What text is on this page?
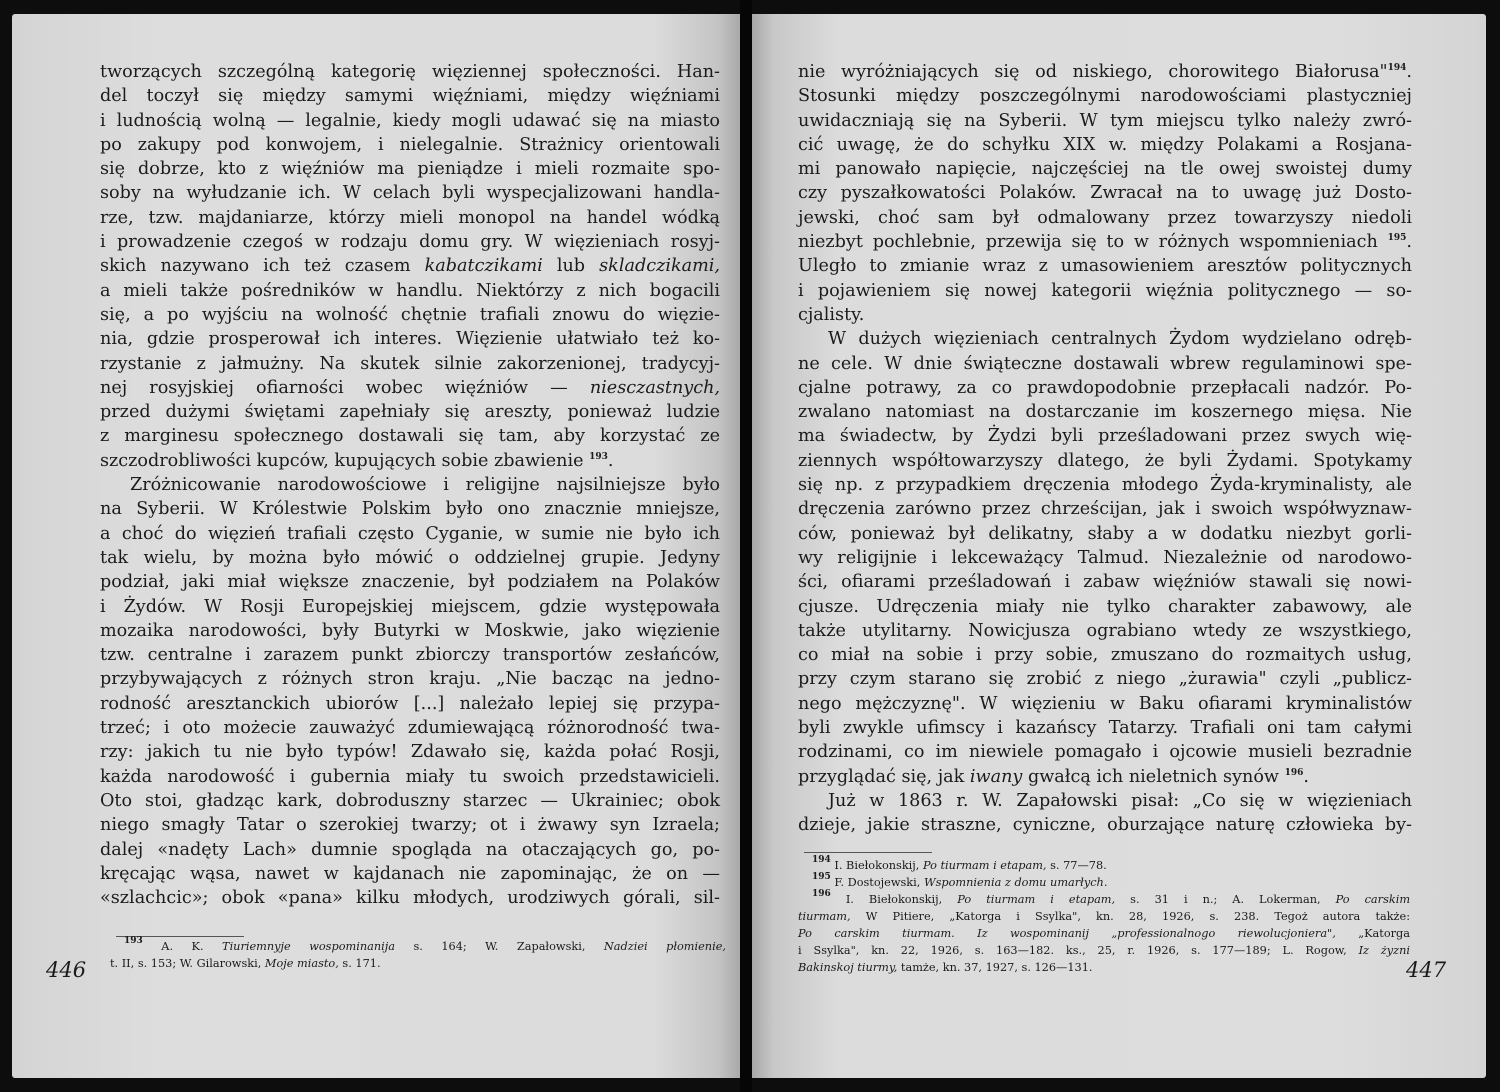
tworzących szczególną kategorię więziennej społeczności. Han-
del toczył się między samymi więźniami, między więźniami
i ludnością wolną — legalnie, kiedy mogli udawać się na miasto
po zakupy pod konwojem, i nielegalnie. Strażnicy orientowali
się dobrze, kto z więźniów ma pieniądze i mieli rozmaite spo-
soby na wyłudzanie ich. W celach byli wyspecjalizowani handla-
rze, tzw. majdaniarze, którzy mieli monopol na handel wódką
i prowadzenie czegoś w rodzaju domu gry. W więzieniach rosyj-
skich nazywano ich też czasem kabatczikami lub skladczikami,
a mieli także pośredników w handlu. Niektórzy z nich bogacili
się, a po wyjściu na wolność chętnie trafiali znowu do więzie-
nia, gdzie prosperował ich interes. Więzienie ułatwiało też ko-
rzystanie z jałmużny. Na skutek silnie zakorzenionej, tradycyj-
nej rosyjskiej ofiarności wobec więźniów — niesczastnych,
przed dużymi świętami zapełniały się areszty, ponieważ ludzie
z marginesu społecznego dostawali się tam, aby korzystać ze
szczodrobliwości kupców, kupujących sobie zbawienie $^{193}$.
Zróżnicowanie narodowościowe i religijne najsilniejsze było
na Syberii. W Królestwie Polskim było ono znacznie mniejsze,
a choć do więzień trafiali często Cyganie, w sumie nie było ich
tak wielu, by można było mówić o oddzielnej grupie. Jedyny
podział, jaki miał większe znaczenie, był podziałem na Polaków
i Żydów. W Rosji Europejskiej miejscem, gdzie występowała
mozaika narodowości, były Butyrki w Moskwie, jako więzienie
tzw. centralne i zarazem punkt zbiorczy transportów zesłańców,
przybywających z różnych stron kraju. „Nie bacząc na jedno-
rodność aresztanckich ubiorów [...] należało lepiej się przypa-
trzeć; i oto możecie zauważyć zdumiewającą różnorodność twa-
rzy: jakich tu nie było typów! Zdawało się, każda połać Rosji,
każda narodowość i gubernia miały tu swoich przedstawicieli.
Oto stoi, gładząc kark, dobroduszny starzec — Ukrainiec; obok
niego smagły Tatar o szerokiej twarzy; ot i żwawy syn Izraela;
dalej «nadęty Lach» dumnie spogląda na otaczających go, po-
kręcając wąsa, nawet w kajdanach nie zapominając, że on —
«szlachcic»; obok «pana» kilku młodych, urodziwych górali, sil-
$^{193}$ A. K. Tiuriemnyje wospominanija s. 164; W. Zapałowski, Nadziei płomienie,
t. II, s. 153; W. Gilarowski, Moje miasto, s. 171.
446
nie wyróżniających się od niskiego, chorowitego Białorusa"$^{194}$.
Stosunki między poszczególnymi narodowościami plastyczniej
uwidaczniają się na Syberii. W tym miejscu tylko należy zwró-
cić uwagę, że do schyłku XIX w. między Polakami a Rosjana-
mi panowało napięcie, najczęściej na tle owej swoistej dumy
czy pyszałkowatości Polaków. Zwracał na to uwagę już Dosto-
jewski, choć sam był odmalowany przez towarzyszy niedoli
niezbyt pochlebnie, przewija się to w różnych wspomnieniach $^{195}$.
Uległo to zmianie wraz z umasowieniem aresztów politycznych
i pojawieniem się nowej kategorii więźnia politycznego — so-
cjalisty.
W dużych więzieniach centralnych Żydom wydzielano odręb-
ne cele. W dnie świąteczne dostawali wbrew regulaminowi spe-
cjalne potrawy, za co prawdopodobnie przepłacali nadzór. Po-
zwalano natomiast na dostarczanie im koszernego mięsa. Nie
ma świadectw, by Żydzi byli prześladowani przez swych wię-
ziennych współtowarzyszy dlatego, że byli Żydami. Spotykamy
się np. z przypadkiem dręczenia młodego Żyda-kryminalisty, ale
dręczenia zarówno przez chrześcijan, jak i swoich współwyznaw-
ców, ponieważ był delikatny, słaby a w dodatku niezbyt gorli-
wy religijnie i lekceważący Talmud. Niezależnie od narodowo-
ści, ofiarami prześladowań i zabaw więźniów stawali się nowi-
cjusze. Udręczenia miały nie tylko charakter zabawowy, ale
także utylitarny. Nowicjusza ograbiano wtedy ze wszystkiego,
co miał na sobie i przy sobie, zmuszano do rozmaitych usług,
przy czym starano się zrobić z niego „żurawia" czyli „publicz-
nego mężczyznę". W więzieniu w Baku ofiarami kryminalistów
byli zwykle ufimscy i kazańscy Tatarzy. Trafiali oni tam całymi
rodzinami, co im niewiele pomagało i ojcowie musieli bezradnie
przyglądać się, jak iwany gwałcą ich nieletnich synów $^{196}$.
Już w 1863 r. W. Zapałowski pisał: „Co się w więzieniach
dzieje, jakie straszne, cyniczne, oburzające naturę człowieka by-
$^{194}$ I. Biełokonskij, Po tiurmam i etapam, s. 77—78.
$^{195}$ F. Dostojewski, Wspomnienia z domu umarłych.
$^{196}$ I. Biełokonskij, Po tiurmam i etapam, s. 31 i n.; A. Lokerman, Po carskim
tiurmam, W Pitiere, „Katorga i Ssylka", kn. 28, 1926, s. 238. Tegoż autora także:
Po carskim tiurmam. Iz wospominanij „professionalnogo riewolucjoniera", „Katorga
i Ssylka", kn. 22, 1926, s. 163—182. ks., 25, r. 1926, s. 177—189; L. Rogow, Iz żyzni
Bakinskoj tiurmy, tamże, kn. 37, 1927, s. 126—131.	447
